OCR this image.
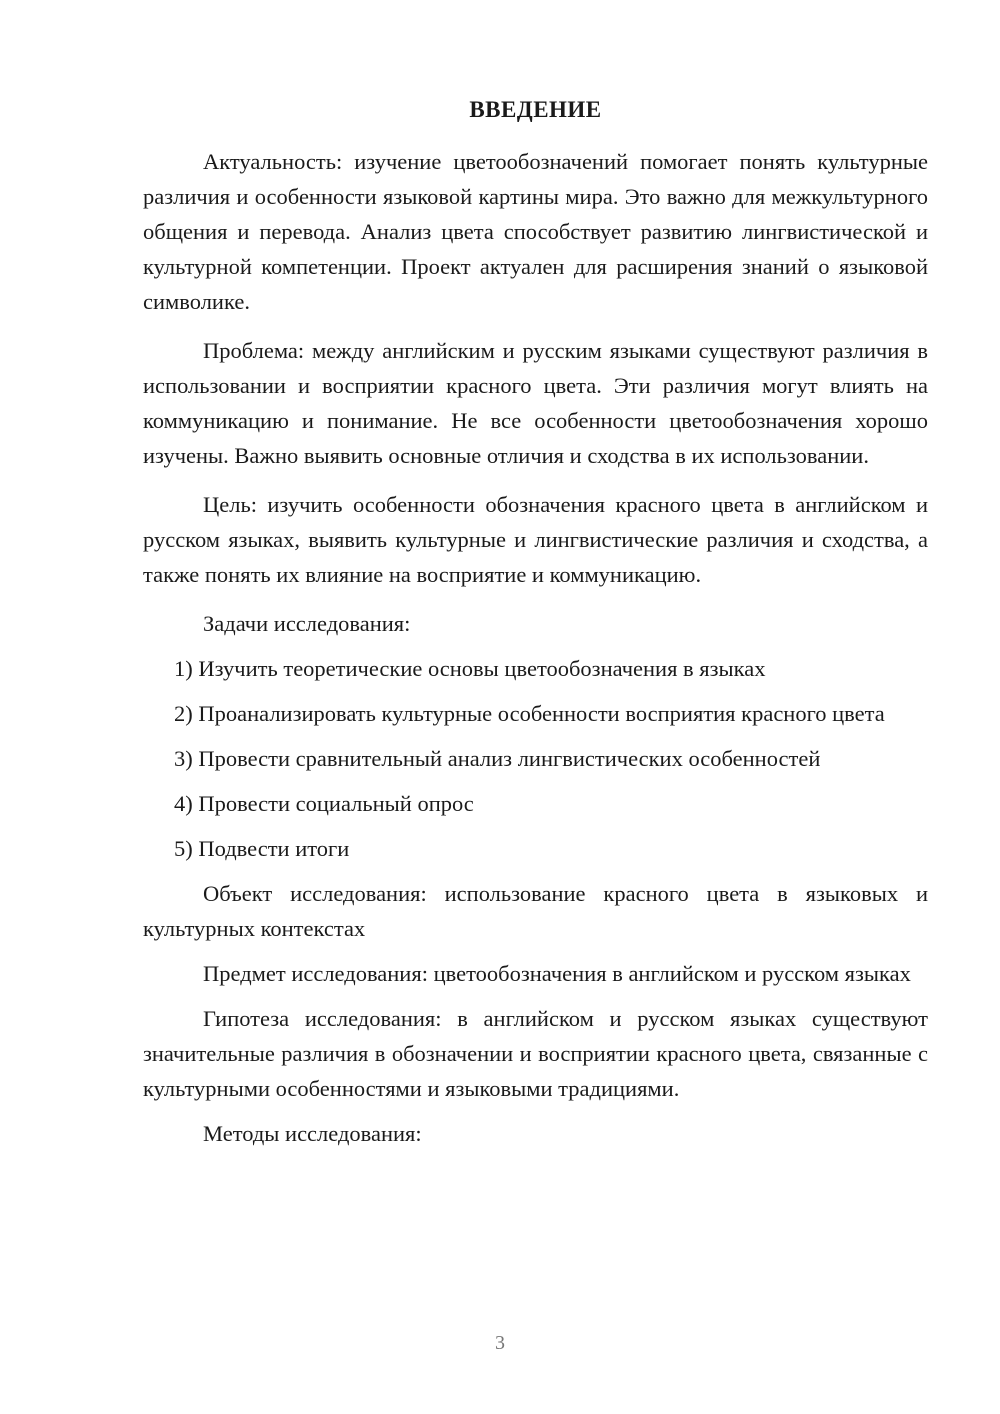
ВВЕДЕНИЕ

Актуальность: изучение цветообозначений помогает понять культурные различия и особенности языковой картины мира. Это важно для межкультурного общения и перевода. Анализ цвета способствует развитию лингвистической и культурной компетенции. Проект актуален для расширения знаний о языковой символике.

Проблема: между английским и русским языками существуют различия в использовании и восприятии красного цвета. Эти различия могут влиять на коммуникацию и понимание. Не все особенности цветообозначения хорошо изучены. Важно выявить основные отличия и сходства в их использовании.

Цель: изучить особенности обозначения красного цвета в английском и русском языках, выявить культурные и лингвистические различия и сходства, а также понять их влияние на восприятие и коммуникацию.

Задачи исследования:

1) Изучить теоретические основы цветообозначения в языках

2) Проанализировать культурные особенности восприятия красного цвета

3) Провести сравнительный анализ лингвистических особенностей

4) Провести социальный опрос

5) Подвести итоги

Объект исследования: использование красного цвета в языковых и культурных контекстах

Предмет исследования: цветообозначения в английском и русском языках

Гипотеза исследования: в английском и русском языках существуют значительные различия в обозначении и восприятии красного цвета, связанные с культурными особенностями и языковыми традициями.

Методы исследования:

3
